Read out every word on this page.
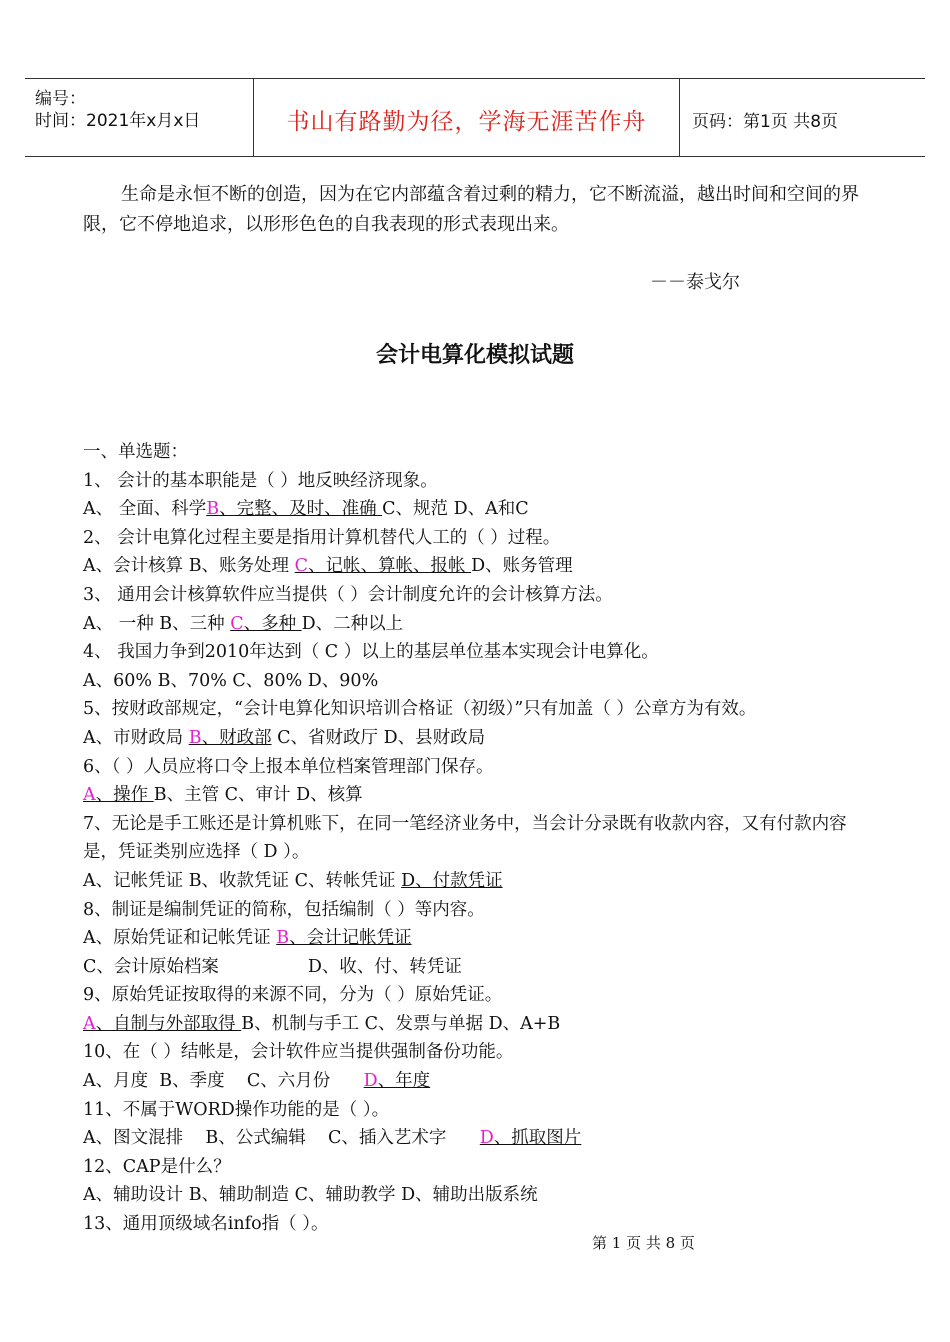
编号：
时间：2021年x月x日	书山有路勤为径，学海无涯苦作舟	页码：第1页 共8页
生命是永恒不断的创造，因为在它内部蕴含着过剩的精力，它不断流溢，越出时间和空间的界限，它不停地追求，以形形色色的自我表现的形式表现出来。
－－泰戈尔
会计电算化模拟试题
一、单选题：
1、 会计的基本职能是（ ）地反映经济现象。
A、 全面、科学B、完整、及时、准确 C、规范 D、A和C
2、 会计电算化过程主要是指用计算机替代人工的（ ）过程。
A、会计核算 B、账务处理 C、记帐、算帐、报帐 D、账务管理
3、 通用会计核算软件应当提供（ ）会计制度允许的会计核算方法。
A、 一种 B、三种 C、多种 D、二种以上
4、 我国力争到2010年达到（ C ）以上的基层单位基本实现会计电算化。
A、60% B、70% C、80% D、90%
5、按财政部规定，“会计电算化知识培训合格证（初级）”只有加盖（ ）公章方为有效。
A、市财政局 B、财政部 C、省财政厅 D、县财政局
6、（ ）人员应将口令上报本单位档案管理部门保存。
A、操作 B、主管 C、审计 D、核算
7、无论是手工账还是计算机账下，在同一笔经济业务中，当会计分录既有收款内容，又有付款内容是，凭证类别应选择（ D ）。
A、记帐凭证 B、收款凭证 C、转帐凭证 D、付款凭证
8、制证是编制凭证的简称，包括编制（ ）等内容。
A、原始凭证和记帐凭证 B、会计记帐凭证
C、会计原始档案                D、收、付、转凭证
9、原始凭证按取得的来源不同，分为（ ）原始凭证。
A、自制与外部取得 B、机制与手工 C、发票与单据 D、A+B
10、在（ ）结帐是，会计软件应当提供强制备份功能。
A、月度  B、季度    C、六月份      D、年度
11、不属于WORD操作功能的是（ ）。
A、图文混排    B、公式编辑    C、插入艺术字      D、抓取图片
12、CAP是什么？
A、辅助设计 B、辅助制造 C、辅助教学 D、辅助出版系统
13、通用顶级域名info指（ ）。
第 1 页 共 8 页
